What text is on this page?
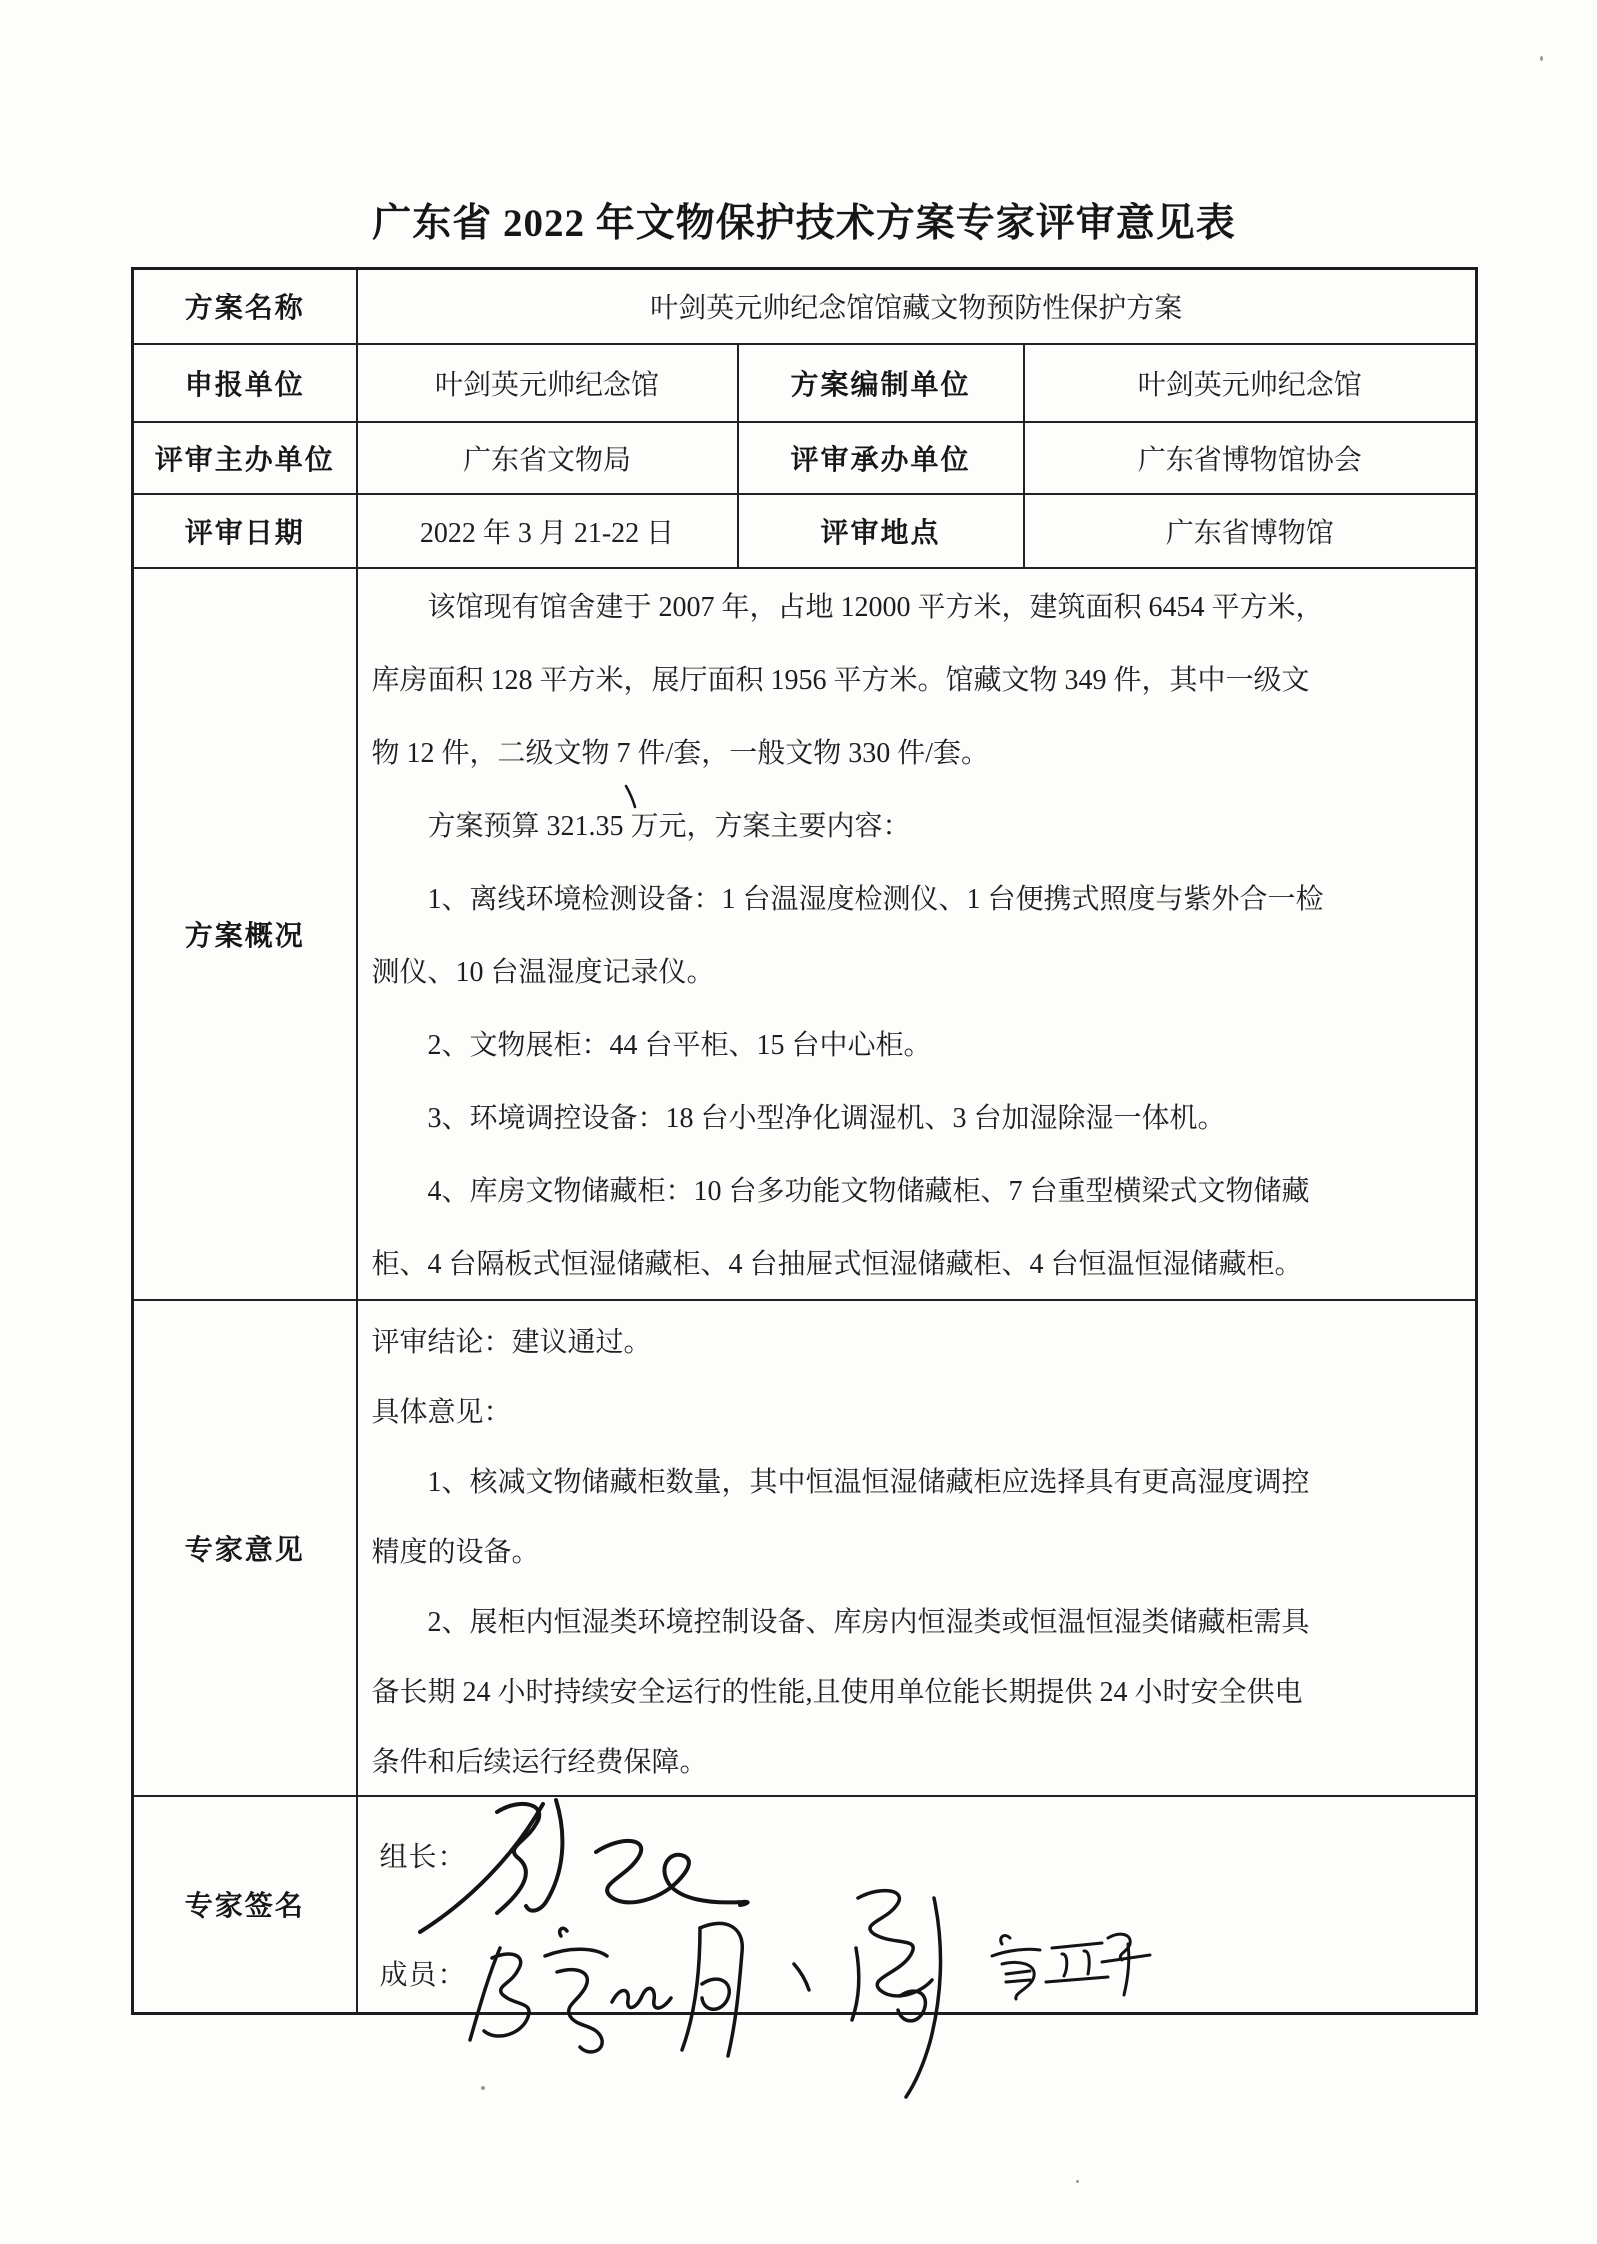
广东省 2022 年文物保护技术方案专家评审意见表
方案名称	叶剑英元帅纪念馆馆藏文物预防性保护方案		
申报单位	叶剑英元帅纪念馆	方案编制单位	叶剑英元帅纪念馆
评审主办单位	广东省文物局	评审承办单位	广东省博物馆协会
评审日期	2022 年 3 月 21-22 日	评审地点	广东省博物馆
方案概况	
　　该馆现有馆舍建于 2007 年，占地 12000 平方米，建筑面积 6454 平方米，
库房面积 128 平方米，展厅面积 1956 平方米。馆藏文物 349 件，其中一级文
物 12 件，二级文物 7 件/套，一般文物 330 件/套。
　　方案预算 321.35 万元，方案主要内容：
　　1、离线环境检测设备：1 台温湿度检测仪、1 台便携式照度与紫外合一检
测仪、10 台温湿度记录仪。
　　2、文物展柜：44 台平柜、15 台中心柜。
　　3、环境调控设备：18 台小型净化调湿机、3 台加湿除湿一体机。
　　4、库房文物储藏柜：10 台多功能文物储藏柜、7 台重型横梁式文物储藏
柜、4 台隔板式恒湿储藏柜、4 台抽屉式恒湿储藏柜、4 台恒温恒湿储藏柜。

专家意见	
评审结论：建议通过。
具体意见：
　　1、核减文物储藏柜数量，其中恒温恒湿储藏柜应选择具有更高湿度调控
精度的设备。
　　2、展柜内恒湿类环境控制设备、库房内恒湿类或恒温恒湿类储藏柜需具
备长期 24 小时持续安全运行的性能,且使用单位能长期提供 24 小时安全供电
条件和后续运行经费保障。

专家签名	组长：
成员：		
